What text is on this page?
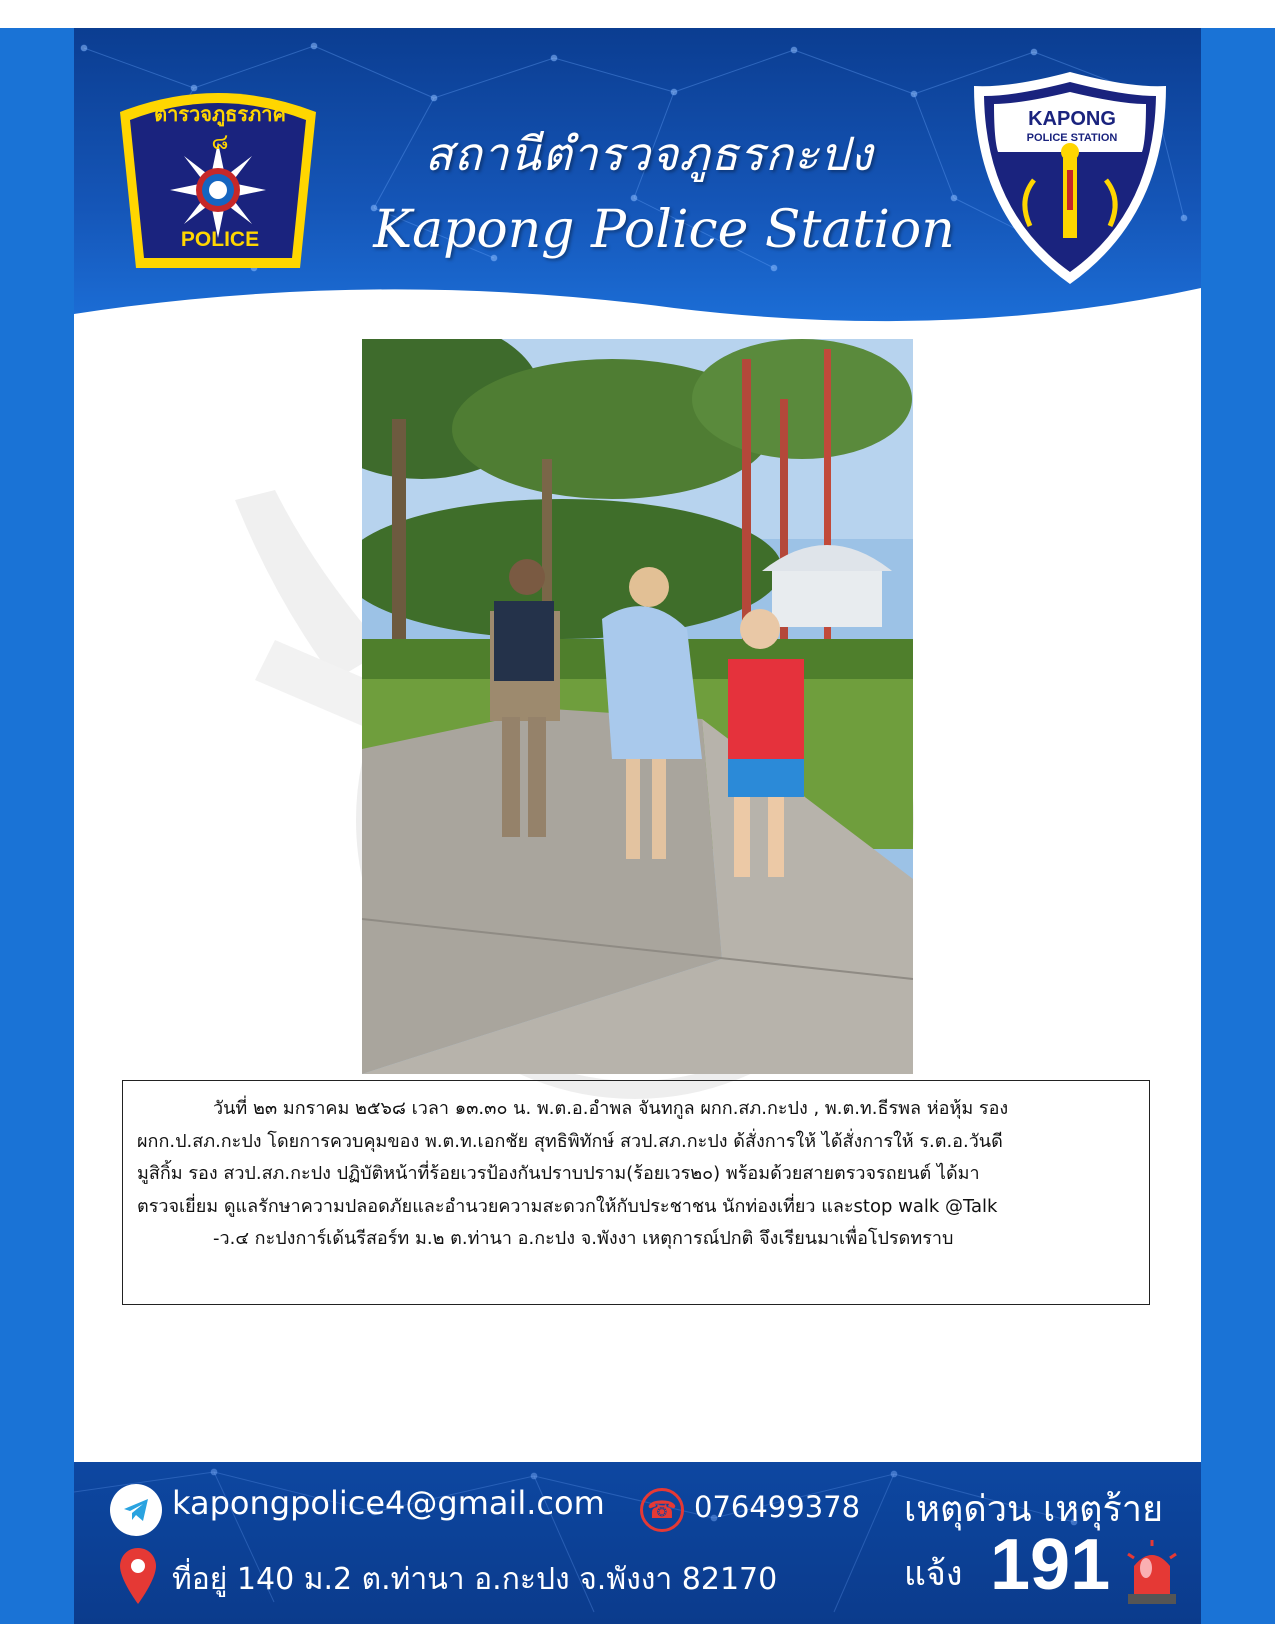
ตำรวจภูธรภาค
๘
POLICE
สถานีตำรวจภูธรกะปง
Kapong Police Station
KAPONG
POLICE STATION
วันที่ ๒๓ มกราคม ๒๕๖๘ เวลา ๑๓.๓๐ น. พ.ต.อ.อำพล จันทกูล ผกก.สภ.กะปง , พ.ต.ท.ธีรพล ห่อหุ้ม รอง
ผกก.ป.สภ.กะปง โดยการควบคุมของ พ.ต.ท.เอกชัย สุทธิพิทักษ์ สวป.สภ.กะปง ด้สั่งการให้ ได้สั่งการให้ ร.ต.อ.วันดี
มูสิกิ้ม รอง สวป.สภ.กะปง ปฏิบัติหน้าที่ร้อยเวรป้องกันปราบปราม(ร้อยเวร๒๐) พร้อมด้วยสายตรวจรถยนต์ ได้มา
ตรวจเยี่ยม ดูแลรักษาความปลอดภัยและอำนวยความสะดวกให้กับประชาชน นักท่องเที่ยว และstop walk @Talk
-ว.๔ กะปงการ์เด้นรีสอร์ท ม.๒ ต.ท่านา อ.กะปง จ.พังงา เหตุการณ์ปกติ จึงเรียนมาเพื่อโปรดทราบ
kapongpolice4@gmail.com ☎ 076499378
ที่อยู่ 140 ม.2 ต.ท่านา อ.กะปง จ.พังงา 82170
เหตุด่วน เหตุร้าย
แจ้ง 191
